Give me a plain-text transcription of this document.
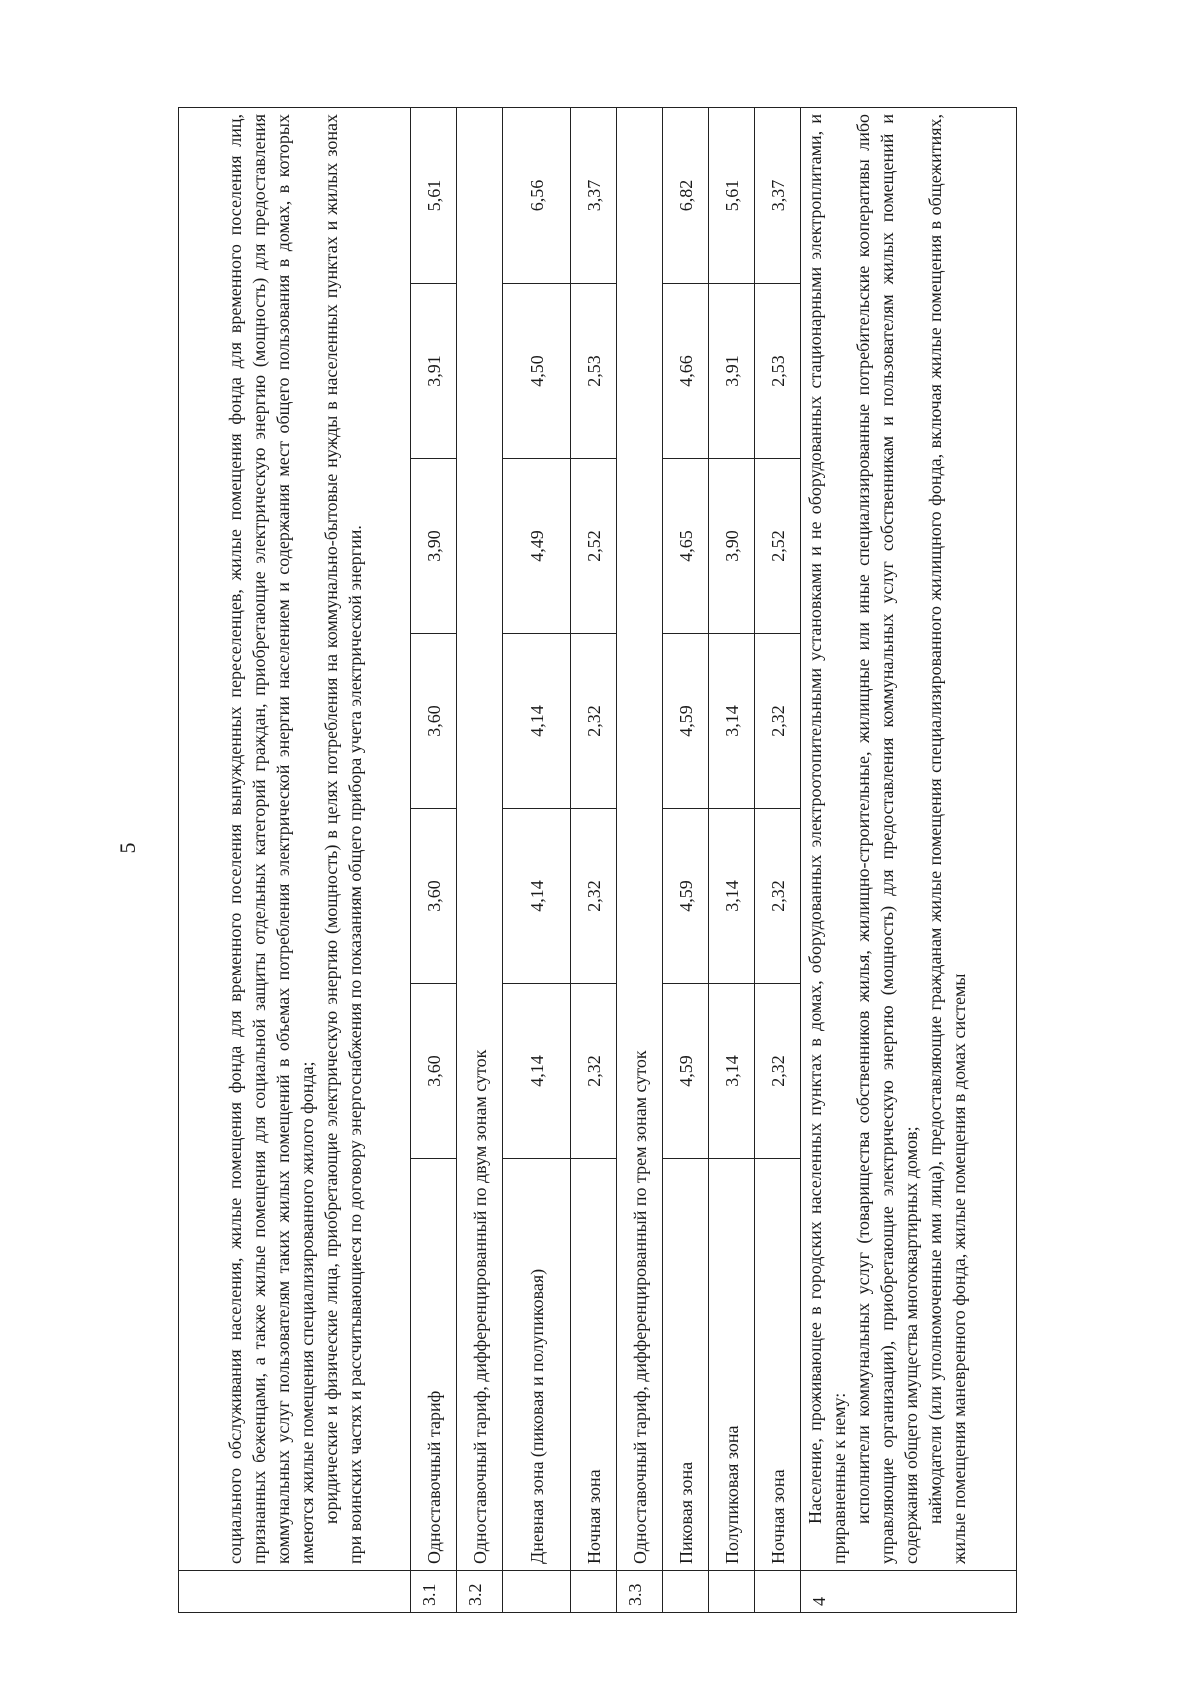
5

	социального обслуживания населения, жилые помещения фонда для временного поселения вынужденных переселенцев, жилые помещения фонда для временного поселения лиц, признанных беженцами, а также жилые помещения для социальной защиты отдельных категорий граждан, приобретающие электрическую энергию (мощность) для предоставления коммунальных услуг пользователям таких жилых помещений в объемах потребления электрической энергии населением и содержания мест общего пользования в домах, в которых имеются жилые помещения специализированного жилого фонда; юридические и физические лица, приобретающие электрическую энергию (мощность) в целях потребления на коммунально-бытовые нужды в населенных пунктах и жилых зонах при воинских частях и рассчитывающиеся по договору энергоснабжения по показаниям общего прибора учета электрической энергии.						

3.1	Одноставочный тариф	3,60	3,60	3,60	3,90	3,91	5,61
3.2	Одноставочный тариф, дифференцированный по двум зонам суток						
	Дневная зона (пиковая и полупиковая)	4,14	4,14	4,14	4,49	4,50	6,56
	Ночная зона	2,32	2,32	2,32	2,52	2,53	3,37
3.3	Одноставочный тариф, дифференцированный по трем зонам суток						
	Пиковая зона	4,59	4,59	4,59	4,65	4,66	6,82
	Полупиковая зона	3,14	3,14	3,14	3,90	3,91	5,61
	Ночная зона	2,32	2,32	2,32	2,52	2,53	3,37
4	Население, проживающее в городских населенных пунктах в домах, оборудованных электроотопительными установками и не оборудованных стационарными электроплитами, и приравненные к нему: исполнители коммунальных услуг (товарищества собственников жилья, жилищно-строительные, жилищные или иные специализированные потребительские кооперативы либо управляющие организации), приобретающие электрическую энергию (мощность) для предоставления коммунальных услуг собственникам и пользователям жилых помещений и содержания общего имущества многоквартирных домов; наймодатели (или уполномоченные ими лица), предоставляющие гражданам жилые помещения специализированного жилищного фонда, включая жилые помещения в общежитиях, жилые помещения маневренного фонда, жилые помещения в домах системы						
